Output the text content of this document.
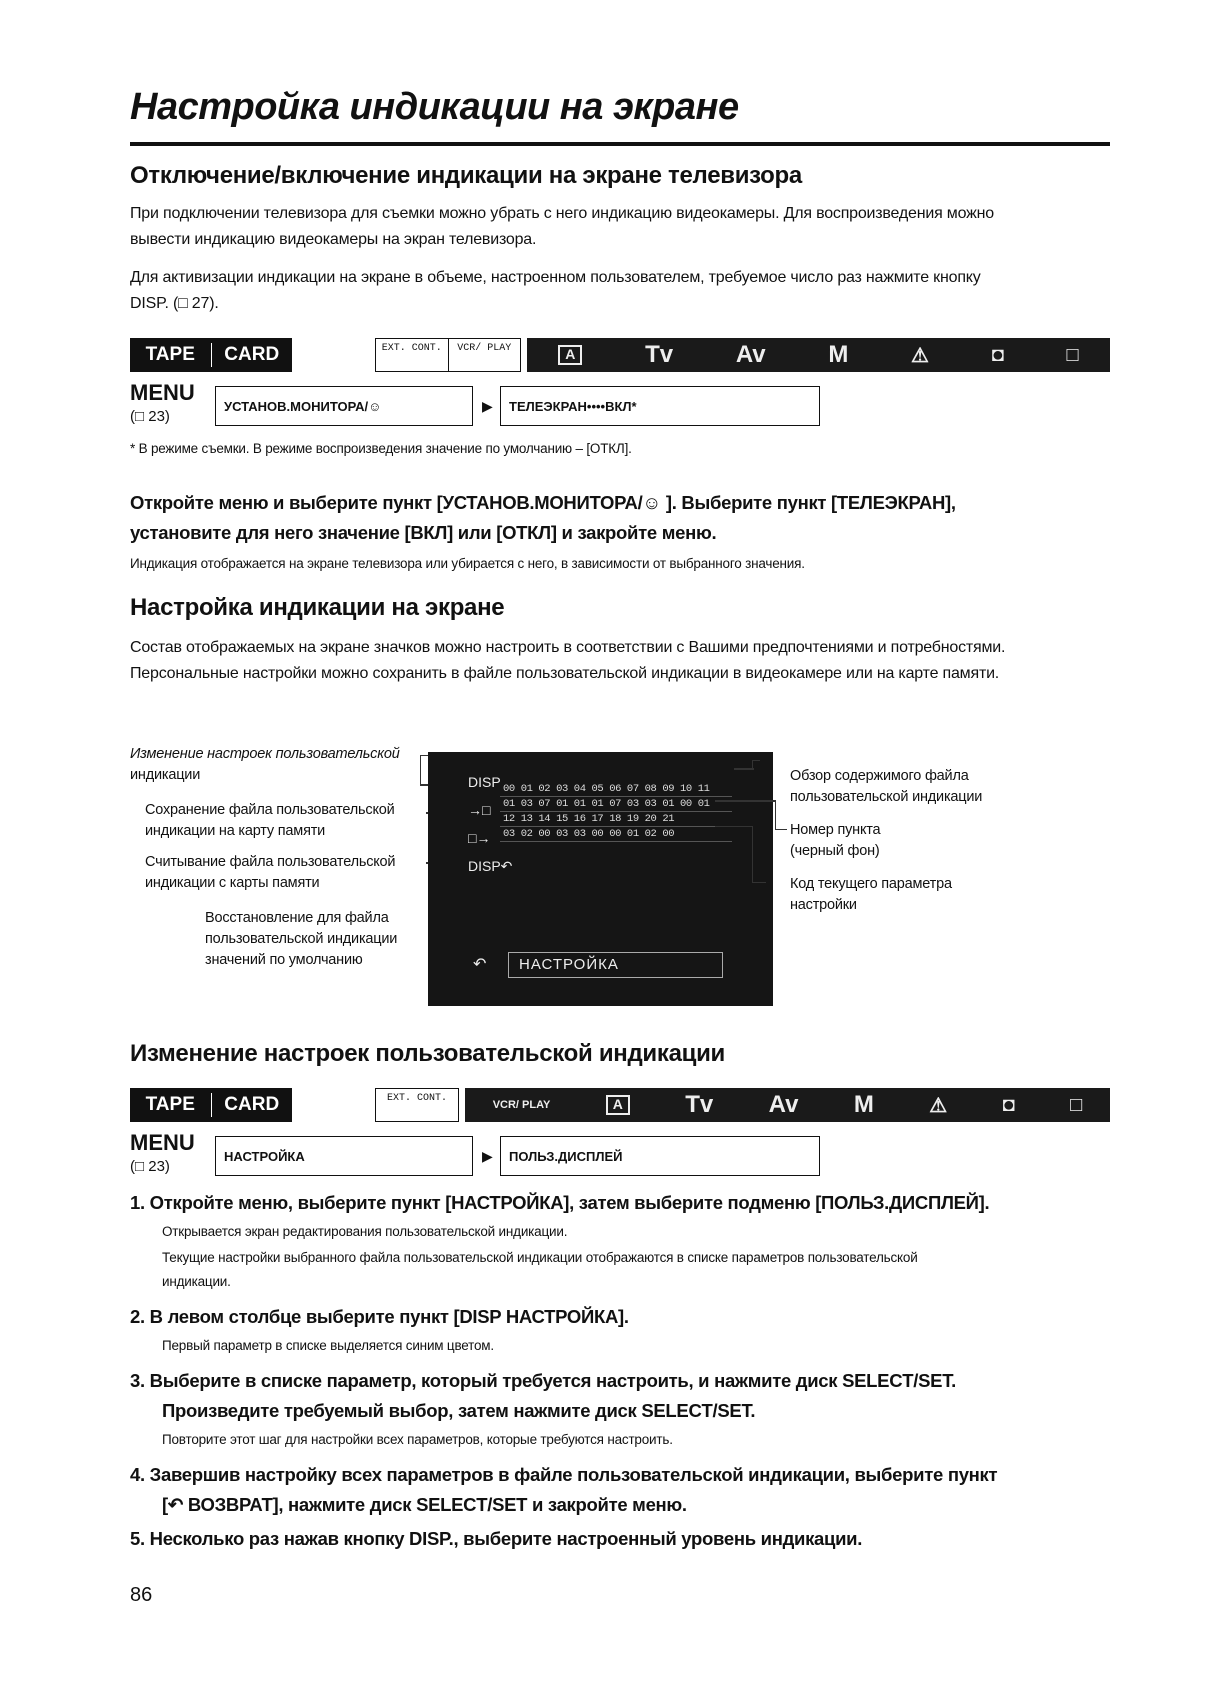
Настройка индикации на экране
Отключение/включение индикации на экране телевизора
При подключении телевизора для съемки можно убрать с него индикацию видеокамеры. Для воспроизведения можно
вывести индикацию видеокамеры на экран телевизора.
Для активизации индикации на экране в объеме, настроенном пользователем, требуемое число раз нажмите кнопку
DISP. (□ 27).
TAPE	CARD	EXT. CONT.	VCR/ PLAY	A	Tv	Av	M	⚠	◘	□
MENU
(□ 23)
УСТАНОВ.МОНИТОРА/☺	▶	ТЕЛЕЭКРАН••••ВКЛ*
* В режиме съемки. В режиме воспроизведения значение по умолчанию – [ОТКЛ].
Откройте меню и выберите пункт [УСТАНОВ.МОНИТОРА/☺ ]. Выберите пункт [ТЕЛЕЭКРАН],
установите для него значение [ВКЛ] или [ОТКЛ] и закройте меню.
Индикация отображается на экране телевизора или убирается с него, в зависимости от выбранного значения.
Настройка индикации на экране
Состав отображаемых на экране значков можно настроить в соответствии с Вашими предпочтениями и потребностями.
Персональные настройки можно сохранить в файле пользовательской индикации в видеокамере или на карте памяти.
Изменение настроек пользовательской
индикации
Сохранение файла пользовательской
индикации на карту памяти
Считывание файла пользовательской
индикации с карты памяти
Восстановление для файла
пользовательской индикации
значений по умолчанию
DISP
→□
□→
DISP↶
00 01 02 03 04 05 06 07 08 09 10 11
01 03 07 01 01 01 07 03 03 01 00 01
12 13 14 15 16 17 18 19 20 21
03 02 00 03 03 00 00 01 02 00
↶	НАСТРОЙКА
Обзор содержимого файла
пользовательской индикации
Номер пункта
(черный фон)
Код текущего параметра
настройки
Изменение настроек пользовательской индикации
TAPE	CARD	EXT. CONT.
VCR/ PLAY	A	Tv Av M	⚠	◘	□
MENU
(□ 23)
НАСТРОЙКА	▶	ПОЛЬЗ.ДИСПЛЕЙ
1. Откройте меню, выберите пункт [НАСТРОЙКА], затем выберите подменю [ПОЛЬЗ.ДИСПЛЕЙ].
Открывается экран редактирования пользовательской индикации.
Текущие настройки выбранного файла пользовательской индикации отображаются в списке параметров пользовательской
индикации.
2. В левом столбце выберите пункт [DISP НАСТРОЙКА].
Первый параметр в списке выделяется синим цветом.
3. Выберите в списке параметр, который требуется настроить, и нажмите диск SELECT/SET.
Произведите требуемый выбор, затем нажмите диск SELECT/SET.
Повторите этот шаг для настройки всех параметров, которые требуются настроить.
4. Завершив настройку всех параметров в файле пользовательской индикации, выберите пункт
[↶ ВОЗВРАТ], нажмите диск SELECT/SET и закройте меню.
5. Несколько раз нажав кнопку DISP., выберите настроенный уровень индикации.
86
